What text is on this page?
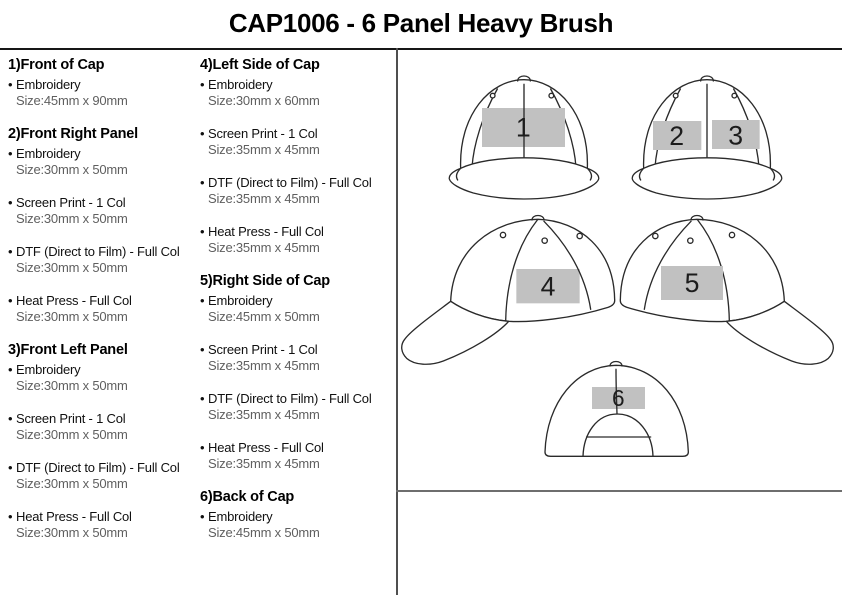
CAP1006 - 6 Panel Heavy Brush
1)Front of Cap
• Embroidery
Size:45mm x 90mm
2)Front Right Panel
• Embroidery
Size:30mm x 50mm
• Screen Print - 1 Col
Size:30mm x 50mm
• DTF (Direct to Film) - Full Col
Size:30mm x 50mm
• Heat Press - Full Col
Size:30mm x 50mm
3)Front Left Panel
• Embroidery
Size:30mm x 50mm
• Screen Print - 1 Col
Size:30mm x 50mm
• DTF (Direct to Film) - Full Col
Size:30mm x 50mm
• Heat Press - Full Col
Size:30mm x 50mm
4)Left Side of Cap
• Embroidery
Size:30mm x 60mm
• Screen Print - 1 Col
Size:35mm x 45mm
• DTF (Direct to Film) - Full Col
Size:35mm x 45mm
• Heat Press - Full Col
Size:35mm x 45mm
5)Right Side of Cap
• Embroidery
Size:45mm x 50mm
• Screen Print - 1 Col
Size:35mm x 45mm
• DTF (Direct to Film) - Full Col
Size:35mm x 45mm
• Heat Press - Full Col
Size:35mm x 45mm
6)Back of Cap
• Embroidery
Size:45mm x 50mm
1 2 3
4 5
6
